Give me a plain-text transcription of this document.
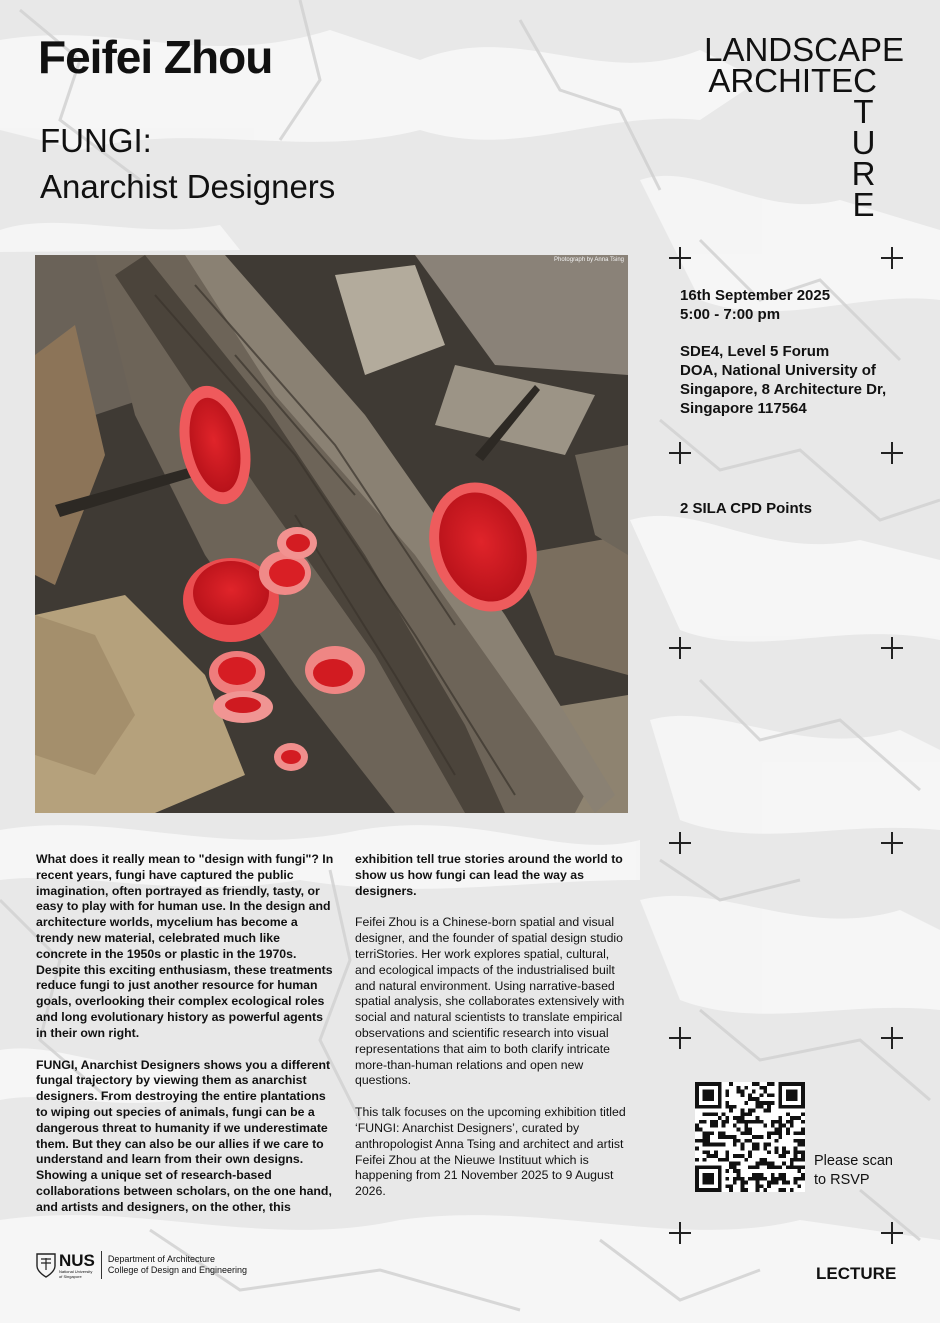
Feifei Zhou
FUNGI:
Anarchist Designers
LANDSCAPE
ARCHITEC
T
U
R
E
Photograph by Anna Tsing
16th September 2025
5:00 - 7:00 pm
SDE4, Level 5 Forum
DOA, National University of
Singapore, 8 Architecture Dr,
Singapore 117564
2 SILA CPD Points

What does it really mean to "design with fungi"? In recent years, fungi have captured the public imagination, often portrayed as friendly, tasty, or easy to play with for human use. In the design and architecture worlds, mycelium has become a trendy new material, celebrated much like concrete in the 1950s or plastic in the 1970s. Despite this exciting enthusiasm, these treatments reduce fungi to just another resource for human goals, overlooking their complex ecological roles and long evolutionary history as powerful agents in their own right.

FUNGI, Anarchist Designers shows you a different fungal trajectory by viewing them as anarchist designers. From destroying the entire plantations to wiping out species of animals, fungi can be a dangerous threat to humanity if we underestimate them. But they can also be our allies if we care to understand and learn from their own designs. Showing a unique set of research-based collaborations between scholars, on the one hand, and artists and designers, on the other, this

exhibition tell true stories around the world to show us how fungi can lead the way as designers.

Feifei Zhou is a Chinese-born spatial and visual designer, and the founder of spatial design studio terriStories. Her work explores spatial, cultural, and ecological impacts of the industrialised built and natural environment. Using narrative-based spatial analysis, she collaborates extensively with social and natural scientists to translate empirical observations and scientific research into visual representations that aim to both clarify intricate more-than-human relations and open new questions.

This talk focuses on the upcoming exhibition titled ‘FUNGI: Anarchist Designers’, curated by anthropologist Anna Tsing and architect and artist Feifei Zhou at the Nieuwe Instituut which is happening from 21 November 2025 to 9 August 2026.

Please scan
to RSVP
LECTURE
NUS
National University
of Singapore
Department of Architecture
College of Design and Engineering
